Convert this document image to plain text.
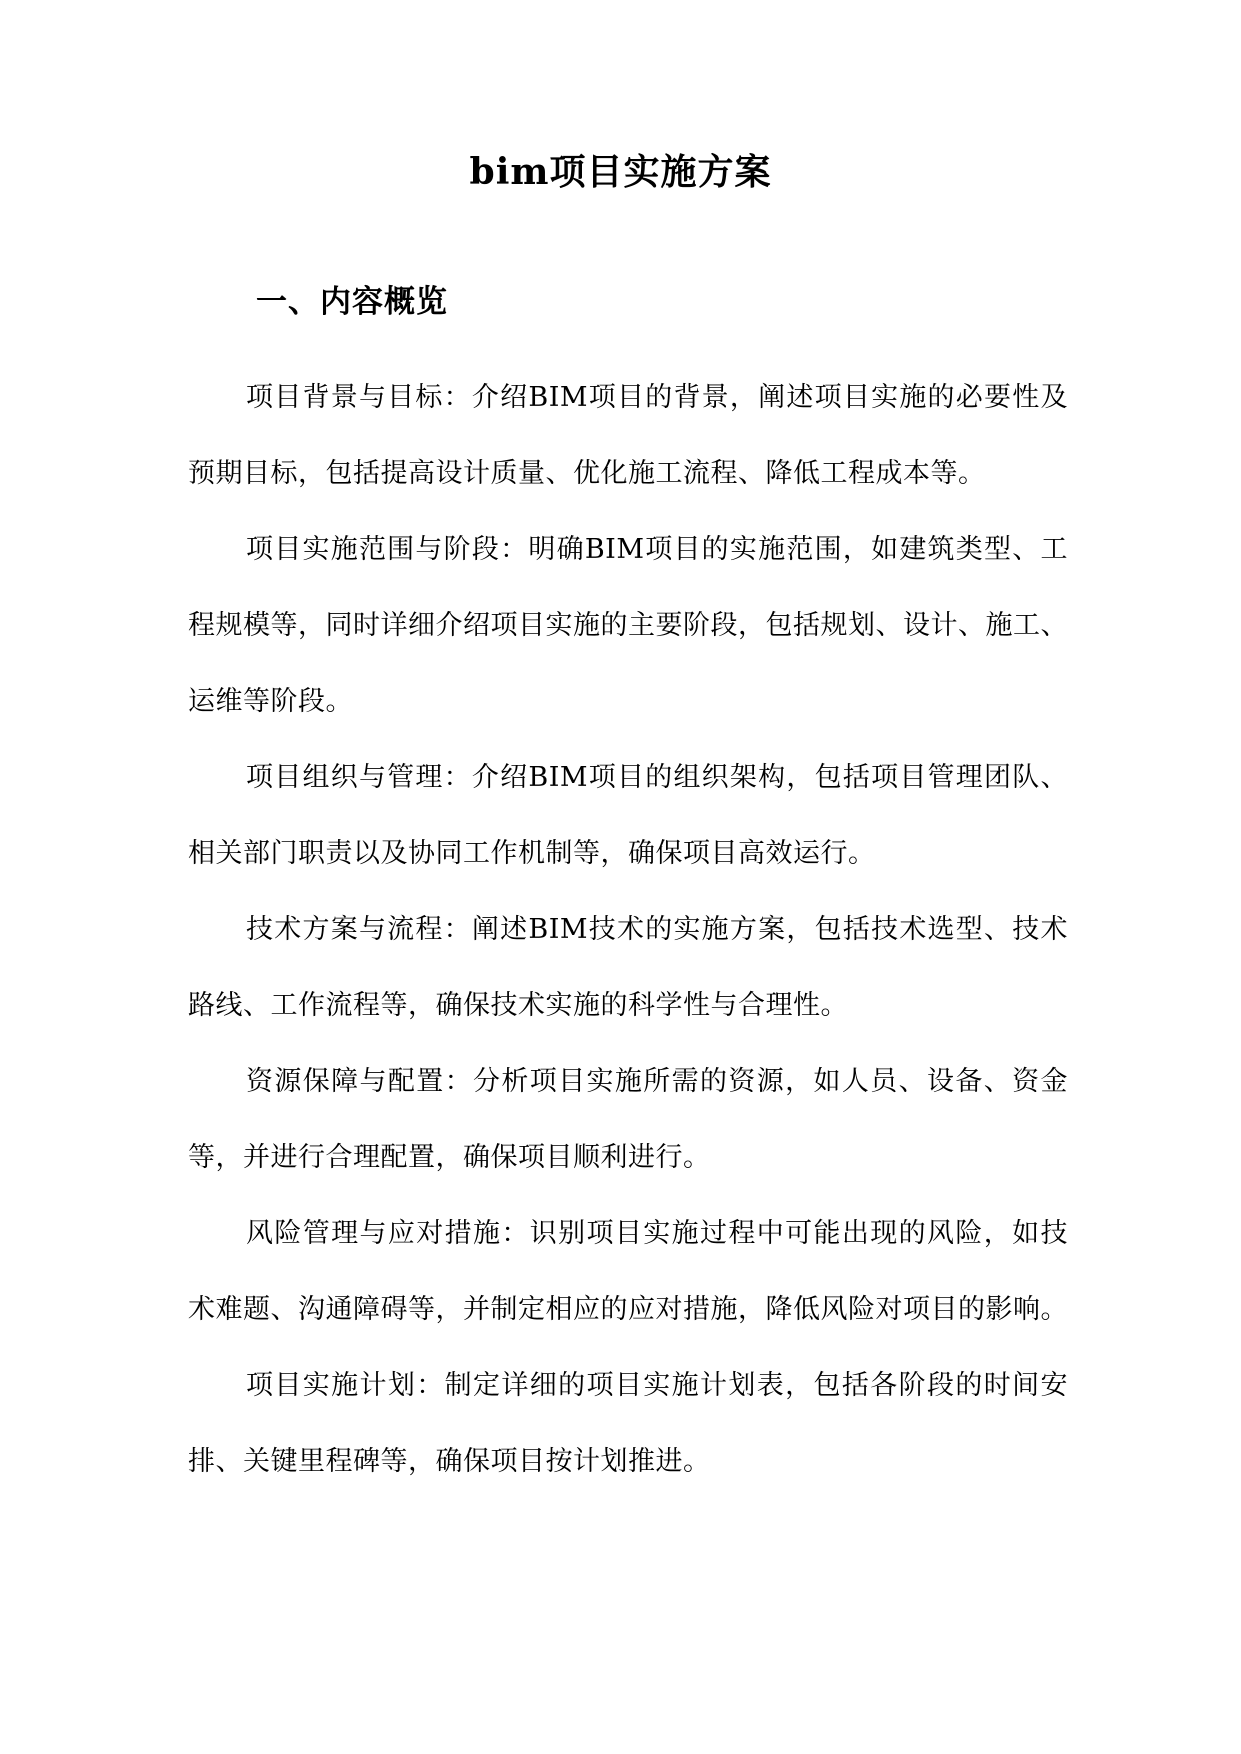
bim项目实施方案
一、内容概览

项目背景与目标：介绍BIM项目的背景，阐述项目实施的必要性及预期目标，包括提高设计质量、优化施工流程、降低工程成本等。

项目实施范围与阶段：明确BIM项目的实施范围，如建筑类型、工程规模等，同时详细介绍项目实施的主要阶段，包括规划、设计、施工、运维等阶段。

项目组织与管理：介绍BIM项目的组织架构，包括项目管理团队、相关部门职责以及协同工作机制等，确保项目高效运行。

技术方案与流程：阐述BIM技术的实施方案，包括技术选型、技术路线、工作流程等，确保技术实施的科学性与合理性。

资源保障与配置：分析项目实施所需的资源，如人员、设备、资金等，并进行合理配置，确保项目顺利进行。

风险管理与应对措施：识别项目实施过程中可能出现的风险，如技术难题、沟通障碍等，并制定相应的应对措施，降低风险对项目的影响。

项目实施计划：制定详细的项目实施计划表，包括各阶段的时间安排、关键里程碑等，确保项目按计划推进。
